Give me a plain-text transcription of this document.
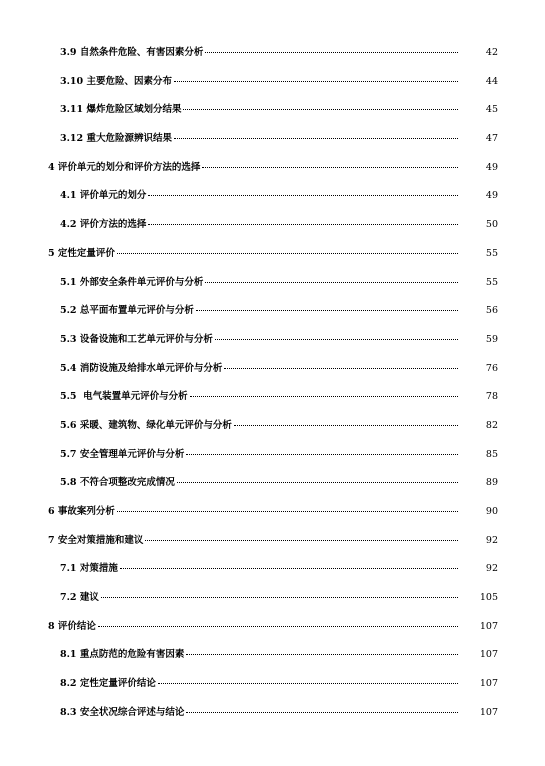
3.9 自然条件危险、有害因素分析	42
3.10 主要危险、因素分布	44
3.11 爆炸危险区域划分结果	45
3.12 重大危险源辨识结果	47
4 评价单元的划分和评价方法的选择	49
4.1 评价单元的划分	49
4.2 评价方法的选择	50
5 定性定量评价	55
5.1 外部安全条件单元评价与分析	55
5.2 总平面布置单元评价与分析	56
5.3 设备设施和工艺单元评价与分析	59
5.4 消防设施及给排水单元评价与分析	76
5.5  电气装置单元评价与分析	78
5.6 采暖、建筑物、绿化单元评价与分析	82
5.7 安全管理单元评价与分析	85
5.8 不符合项整改完成情况	89
6 事故案列分析	90
7 安全对策措施和建议	92
7.1 对策措施	92
7.2 建议	105
8 评价结论	107
8.1 重点防范的危险有害因素	107
8.2 定性定量评价结论	107
8.3 安全状况综合评述与结论	107
